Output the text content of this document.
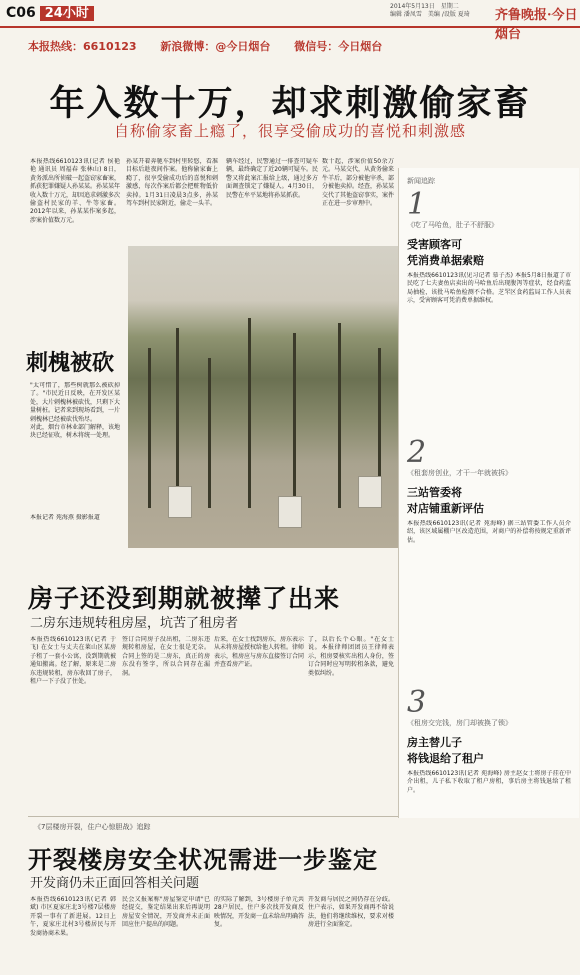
C06 24小时	2014年5月13日　星期二
编辑 潘凤雪　美编 /设版 夏琦	齐鲁晚报·今日烟台
本报热线：6610123 新浪微博：@今日烟台 微信号：今日烟台
年入数十万，却求刺激偷家畜
自称偷家畜上瘾了，很享受偷成功的喜悦和刺激感
本报热线6610123讯(记者 侯艳艳 通讯员 周福春 张林山) 8日，黄务派出所侦破一起盗窃家畜案，抓获犯罪嫌疑人孙某某。孙某某年收入数十万元，却因追求刺激多次偷盗村民家的羊、牛等家畜。2012年以来，孙某某作案多起，涉案价值数万元。
孙某开着奔驰车到村里转悠，看准目标后趁夜间作案。他称偷家畜上瘾了，很享受偷成功后的喜悦和刺激感，每次作案后都会把赃物低价卖掉。1月31日凌晨3点多，孙某驾车到村民家附近，偷走一头羊。
辆车经过，民警通过一排查可疑车辆，最终确定了近20辆可疑车。民警又将此案汇报给上级，通过多方面调查锁定了嫌疑人。4月30日，民警在牟平某地将孙某抓获。
数十起，涉案价值50余万元。马某交代，从黄务偷来牛羊后，部分被他宰杀，部分被他卖掉。经查，孙某某交代了其他盗窃事实，案件正在进一步审理中。
刺槐被砍
"太可惜了，那些树就那么被砍掉了。"市民近日反映，在开发区某处，大片刺槐林被砍伐，只剩下大量树桩。记者来到现场看到，一片刺槐林已经被砍伐殆尽。
对此，烟台市林业部门解释，该地块已经征收，树木将统一处理。
本报记者 苑海燕 摄影报道
新闻追踪
1
《吃了马哈鱼，肚子不舒服》
受害顾客可
凭消费单据索赔
本报热线6610123讯(见习记者 慕子杰) 本报5月8日报道了市民吃了七夫妻鱼店卖出的马哈鱼后出现腹泻等症状，经食药监局抽检，该批马哈鱼检测不合格。芝罘区食药监局工作人员表示，受害顾客可凭消费单据维权。
2
《租套房创业，才干一年就被拆》
三站管委将
对店铺重新评估
本报热线6610123讯(记者 苑海峰) 据三站管委工作人员介绍，该区域属棚户区改造范围，对商户的补偿将按规定重新评估。
3
《租房交完钱，房门却被换了锁》
房主替儿子
将钱退给了租户
本报热线6610123讯(记者 苑海峰) 房主赵女士将房子挂在中介出租，儿子私下收取了租户房租，事后房主将钱退给了租户。
房子还没到期就被撵了出来
二房东违规转租房屋，坑苦了租房者
本报热线6610123讯(记者 于飞) 在女士与丈夫在莱山区某房子租了一套小公寓，没到期就被通知搬离。经了解，原来是二房东违规转租，房东收回了房子，租户一下子没了住处。
签订合同房子没出租，二房东违规转租房屋，在女士很是无奈。合同上签的是二房东，真正的房东没有签字，所以合同存在漏洞。
后来，在女士找到房东，房东表示从未将房屋授权给他人转租。律师表示，租房应与房东直接签订合同并查看房产证。
了，以后长个心眼。"在女士说。本报律师团团员王律师表示，租房要核实出租人身份，签订合同时应写明转租条款，避免类似纠纷。
《7层楼房开裂，住户心惊胆战》追踪
开裂楼房安全状况需进一步鉴定
开发商仍未正面回答相关问题
本报热线6610123讯(记者 韩斌) 市区夏家庄北3号楼7层楼房开裂一事有了新进展。12日上午，夏家庄北村3号楼居民与开发商协商未果。
民会又报案称"房屋鉴定申请"已经提交，鉴定结果出来后再说明房屋安全情况，开发商并未正面回应住户提出的问题。
的实际了解到，3号楼房子单元共28户居民，住户多次找开发商反映情况，开发商一直未给出明确答复。
开发商与居民之间仍存在分歧。住户表示，如果开发商再不给说法，他们将继续维权，要求对楼房进行全面鉴定。
